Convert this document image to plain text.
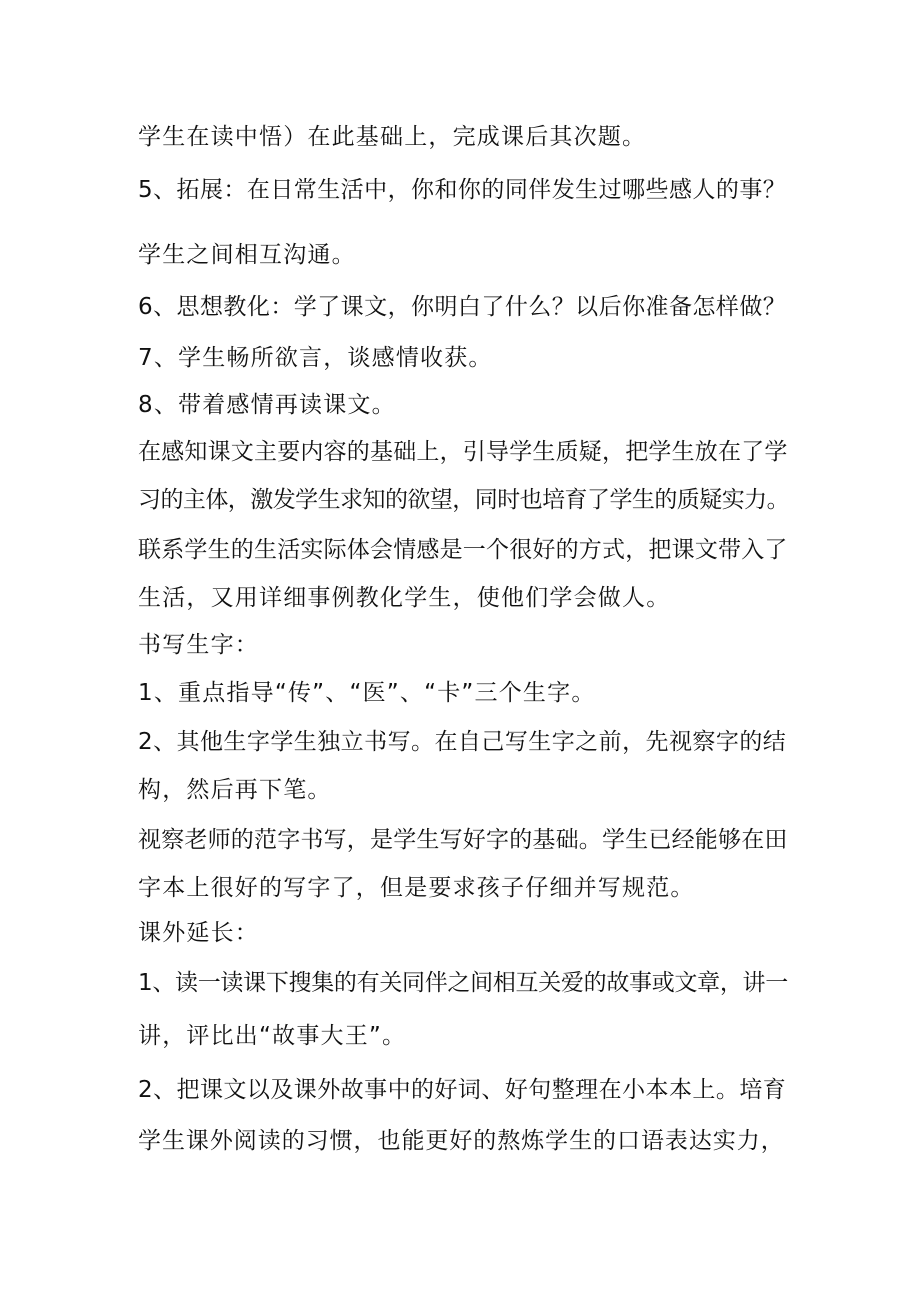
学生在读中悟）在此基础上，完成课后其次题。

5、拓展：在日常生活中，你和你的同伴发生过哪些感人的事？

学生之间相互沟通。

6、思想教化：学了课文，你明白了什么？以后你准备怎样做？

7、学生畅所欲言，谈感情收获。

8、带着感情再读课文。

在感知课文主要内容的基础上，引导学生质疑，把学生放在了学

习的主体，激发学生求知的欲望，同时也培育了学生的质疑实力。

联系学生的生活实际体会情感是一个很好的方式，把课文带入了

生活，又用详细事例教化学生，使他们学会做人。

书写生字：

1、重点指导“传”、“医”、“卡”三个生字。

2、其他生字学生独立书写。在自己写生字之前，先视察字的结

构，然后再下笔。

视察老师的范字书写，是学生写好字的基础。学生已经能够在田

字本上很好的写字了，但是要求孩子仔细并写规范。

课外延长：

1、读一读课下搜集的有关同伴之间相互关爱的故事或文章，讲一

讲，评比出“故事大王”。

2、把课文以及课外故事中的好词、好句整理在小本本上。培育

学生课外阅读的习惯，也能更好的熬炼学生的口语表达实力，
